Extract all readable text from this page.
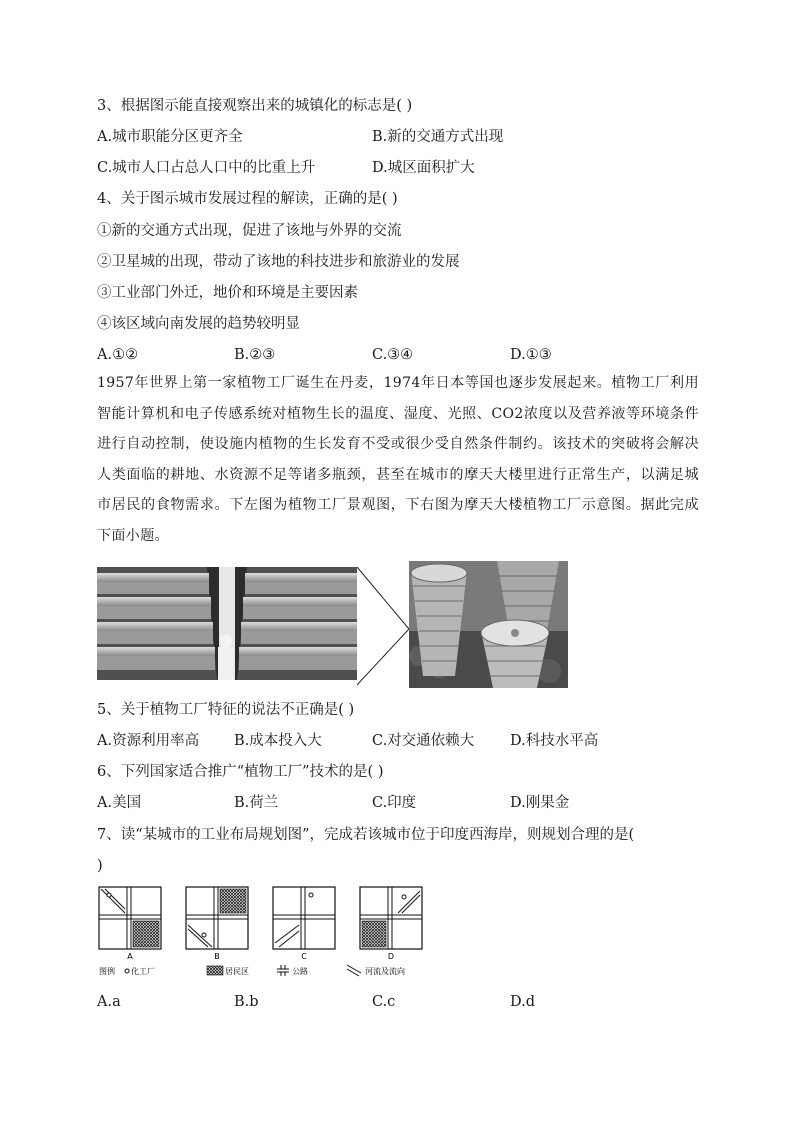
3、根据图示能直接观察出来的城镇化的标志是( )
A.城市职能分区更齐全	B.新的交通方式出现
C.城市人口占总人口中的比重上升	D.城区面积扩大
4、关于图示城市发展过程的解读，正确的是( )
①新的交通方式出现，促进了该地与外界的交流
②卫星城的出现，带动了该地的科技进步和旅游业的发展
③工业部门外迁，地价和环境是主要因素
④该区域向南发展的趋势较明显
A.①②	B.②③	C.③④	D.①③
1957年世界上第一家植物工厂诞生在丹麦，1974年日本等国也逐步发展起来。植物工厂利用智能计算机和电子传感系统对植物生长的温度、湿度、光照、CO2浓度以及营养液等环境条件进行自动控制，使设施内植物的生长发育不受或很少受自然条件制约。该技术的突破将会解决人类面临的耕地、水资源不足等诸多瓶颈，甚至在城市的摩天大楼里进行正常生产，以满足城市居民的食物需求。下左图为植物工厂景观图，下右图为摩天大楼植物工厂示意图。据此完成下面小题。
5、关于植物工厂特征的说法不正确是( )
A.资源利用率高 B.成本投入大	C.对交通依赖大 D.科技水平高
6、下列国家适合推广“植物工厂”技术的是( )
A.美国	B.荷兰	C.印度	D.刚果金
7、读“某城市的工业布局规划图”，完成若该城市位于印度西海岸，则规划合理的是(
)
A	B	C	D
图例 化工厂	居民区	公路	河流及流向
A.a	B.b	C.c	D.d
